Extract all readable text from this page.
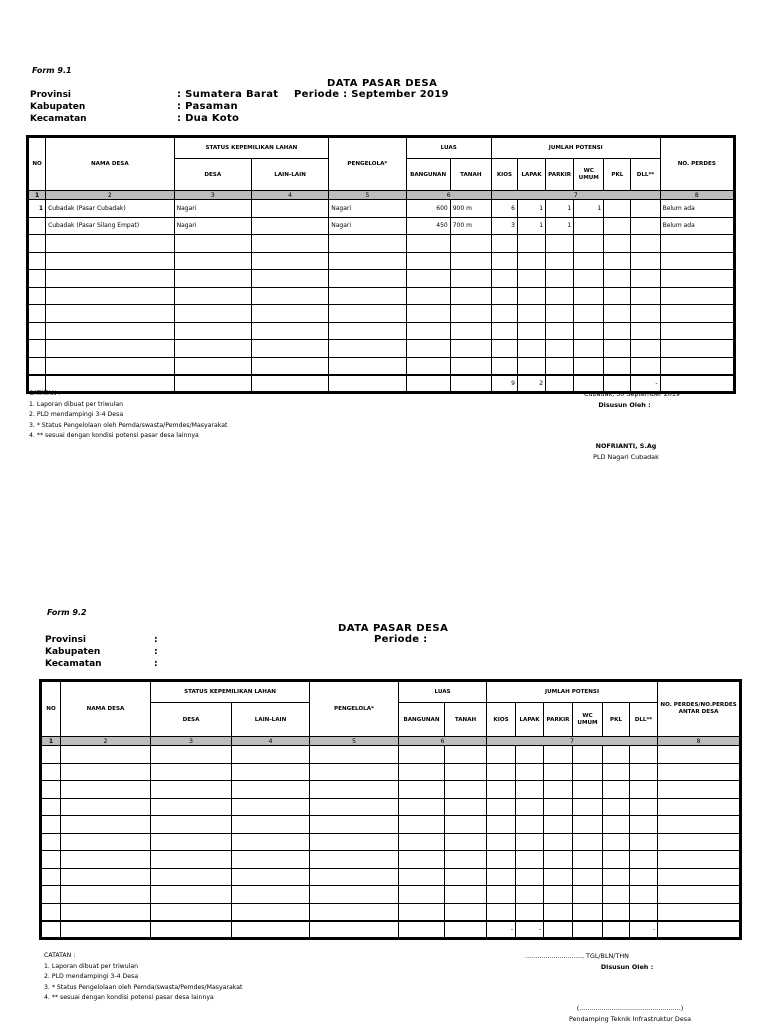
Form 9.1
DATA PASAR DESA
Provinsi
Kabupaten
Kecamatan
: Sumatera Barat Periode : September 2019
: Pasaman
: Dua Koto
NO	NAMA DESA	STATUS KEPEMILIKAN LAHAN		PENGELOLA*	LUAS		JUMLAH POTENSI						NO. PERDES
		DESA	LAIN-LAIN		BANGUNAN	TANAH	KIOS	LAPAK	PARKIR	WC UMUM	PKL	DLL**	
1	2	3	4	5	6		7						8
1	Cubadak (Pasar Cubadak)	Nagari		Nagari	600	900 m	6	1	1	1			Belum ada
	Cubadak (Pasar Silang Empat)	Nagari		Nagari	450	700 m	3	1	1				Belum ada

							9	2				-	
CATATAN :
1. Laporan dibuat per triwulan
2. PLD mendampingi 3-4 Desa
3. * Status Pengelolaan oleh Pemda/swasta/Pemdes/Masyarakat
4. ** sesuai dengan kondisi potensi pasar desa lainnya
Cubadak, 30 September 2019
Disusun Oleh :
NOFRIANTI, S.Ag
PLD Nagari Cubadak
Form 9.2
DATA PASAR DESA
Periode :
Provinsi
Kabupaten
Kecamatan
:
:
:
NO	NAMA DESA	STATUS KEPEMILIKAN LAHAN		PENGELOLA*	LUAS		JUMLAH POTENSI						NO. PERDES/NO.PERDES ANTAR DESA
		DESA	LAIN-LAIN		BANGUNAN	TANAH	KIOS	LAPAK	PARKIR	WC UMUM	PKL	DLL**	
1	2	3	4	5	6		7						8

							-	-				-	
CATATAN :
1. Laporan dibuat per triwulan
2. PLD mendampingi 3-4 Desa
3. * Status Pengelolaan oleh Pemda/swasta/Pemdes/Masyarakat
4. ** sesuai dengan kondisi potensi pasar desa lainnya
............................, TGL/BLN/THN
Disusun Oleh :
(..................................................)
Pendamping Teknik Infrastruktur Desa
